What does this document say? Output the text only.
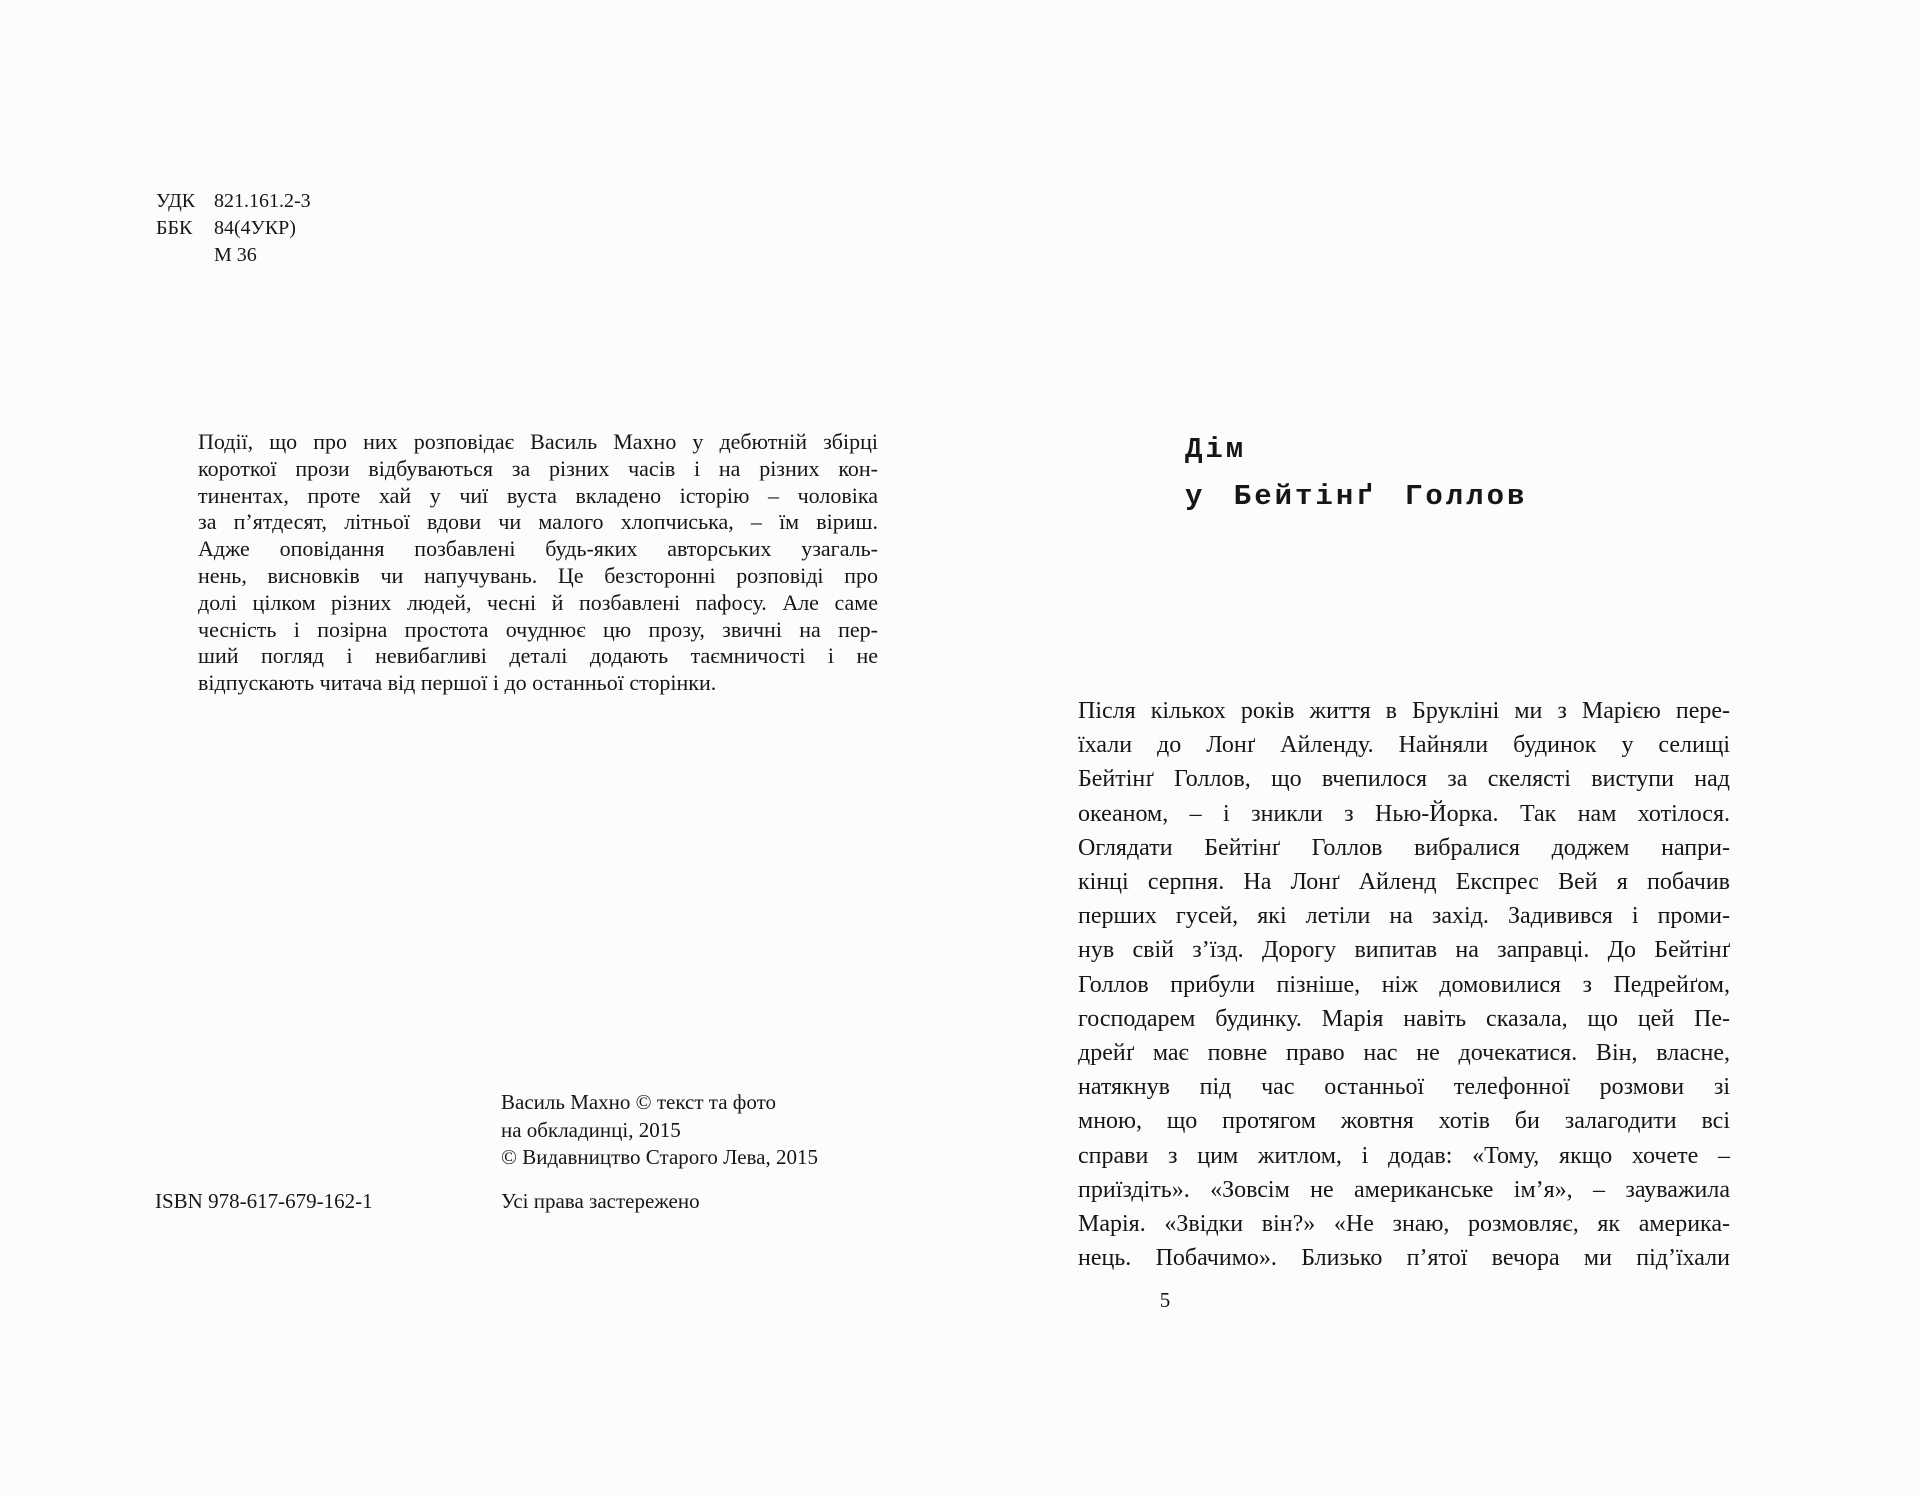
УДК 821.161.2-3
ББК	84(4УКР)
М 36
Події, що про них розповідає Василь Махно у дебютній збірці
короткої прози відбуваються за різних часів і на різних кон-
тинентах, проте хай у чиї вуста вкладено історію – чоловіка
за п’ятдесят, літньої вдови чи малого хлопчиська, – їм віриш.
Адже оповідання позбавлені будь-яких авторських узагаль-
нень, висновків чи напучувань. Це безсторонні розповіді про
долі цілком різних людей, чесні й позбавлені пафосу. Але саме
чесність і позірна простота очуднює цю прозу, звичні на пер-
ший погляд і невибагливі деталі додають таємничості і не
відпускають читача від першої і до останньої сторінки.
Василь Махно © текст та фото
на обкладинці, 2015
© Видавництво Старого Лева, 2015
ISBN 978-617-679-162-1	Усі права застережено
Дім
у Бейтінґ Голлов
Після кількох років життя в Брукліні ми з Марією пере-
їхали до Лонґ Айленду. Найняли будинок у селищі
Бейтінґ Голлов, що вчепилося за скелясті виступи над
океаном, – і зникли з Нью-Йорка. Так нам хотілося.
Оглядати Бейтінґ Голлов вибралися доджем напри-
кінці серпня. На Лонґ Айленд Експрес Вей я побачив
перших гусей, які летіли на захід. Задивився і проми-
нув свій з’їзд. Дорогу випитав на заправці. До Бейтінґ
Голлов прибули пізніше, ніж домовилися з Педрейґом,
господарем будинку. Марія навіть сказала, що цей Пе-
дрейґ має повне право нас не дочекатися. Він, власне,
натякнув під час останньої телефонної розмови зі
мною, що протягом жовтня хотів би залагодити всі
справи з цим житлом, і додав: «Тому, якщо хочете –
приїздіть». «Зовсім не американське ім’я», – зауважила
Марія. «Звідки він?» «Не знаю, розмовляє, як америка-
нець. Побачимо». Близько п’ятої вечора ми під’їхали
5
